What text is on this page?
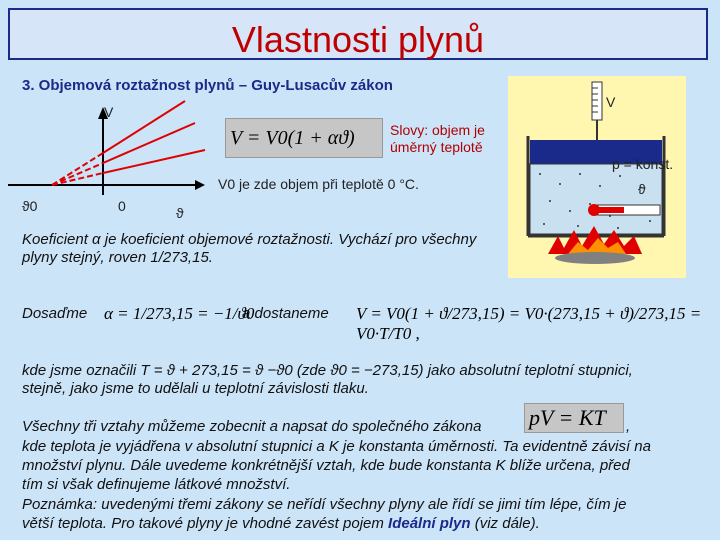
Vlastnosti plynů
3. Objemová roztažnost plynů – Guy-Lusacův zákon
V
ϑ0	0	ϑ
V = V0(1 + αϑ)	Slovy: objem je
úměrný teplotě
V0 je zde objem při teplotě 0 °C.
V
p = konst.
ϑ
Koeficient α je koeficient objemové roztažnosti. Vychází pro všechny
plyny stejný, roven 1/273,15.
Dosaďme α = 1/273,15 = −1/ϑ0
a dostaneme V = V0(1 + ϑ/273,15) = V0·(273,15 + ϑ)/273,15 = V0·T/T0 ,
kde jsme označili T = ϑ + 273,15 = ϑ −ϑ0 (zde ϑ0 = −273,15) jako absolutní teplotní stupnici,
stejně, jako jsme to udělali u teplotní závislosti tlaku.
Všechny tři vztahy můžeme zobecnit a napsat do společného zákona pV = KT	,
kde teplota je vyjádřena v absolutní stupnici a K je konstanta úměrnosti. Ta evidentně závisí na
množství plynu. Dále uvedeme konkrétnější vztah, kde bude konstanta K blíže určena, před
tím si však definujeme látkové množství.
Poznámka: uvedenými třemi zákony se neřídí všechny plyny ale řídí se jimi tím lépe, čím je
větší teplota. Pro takové plyny je vhodné zavést pojem Ideální plyn (viz dále).
